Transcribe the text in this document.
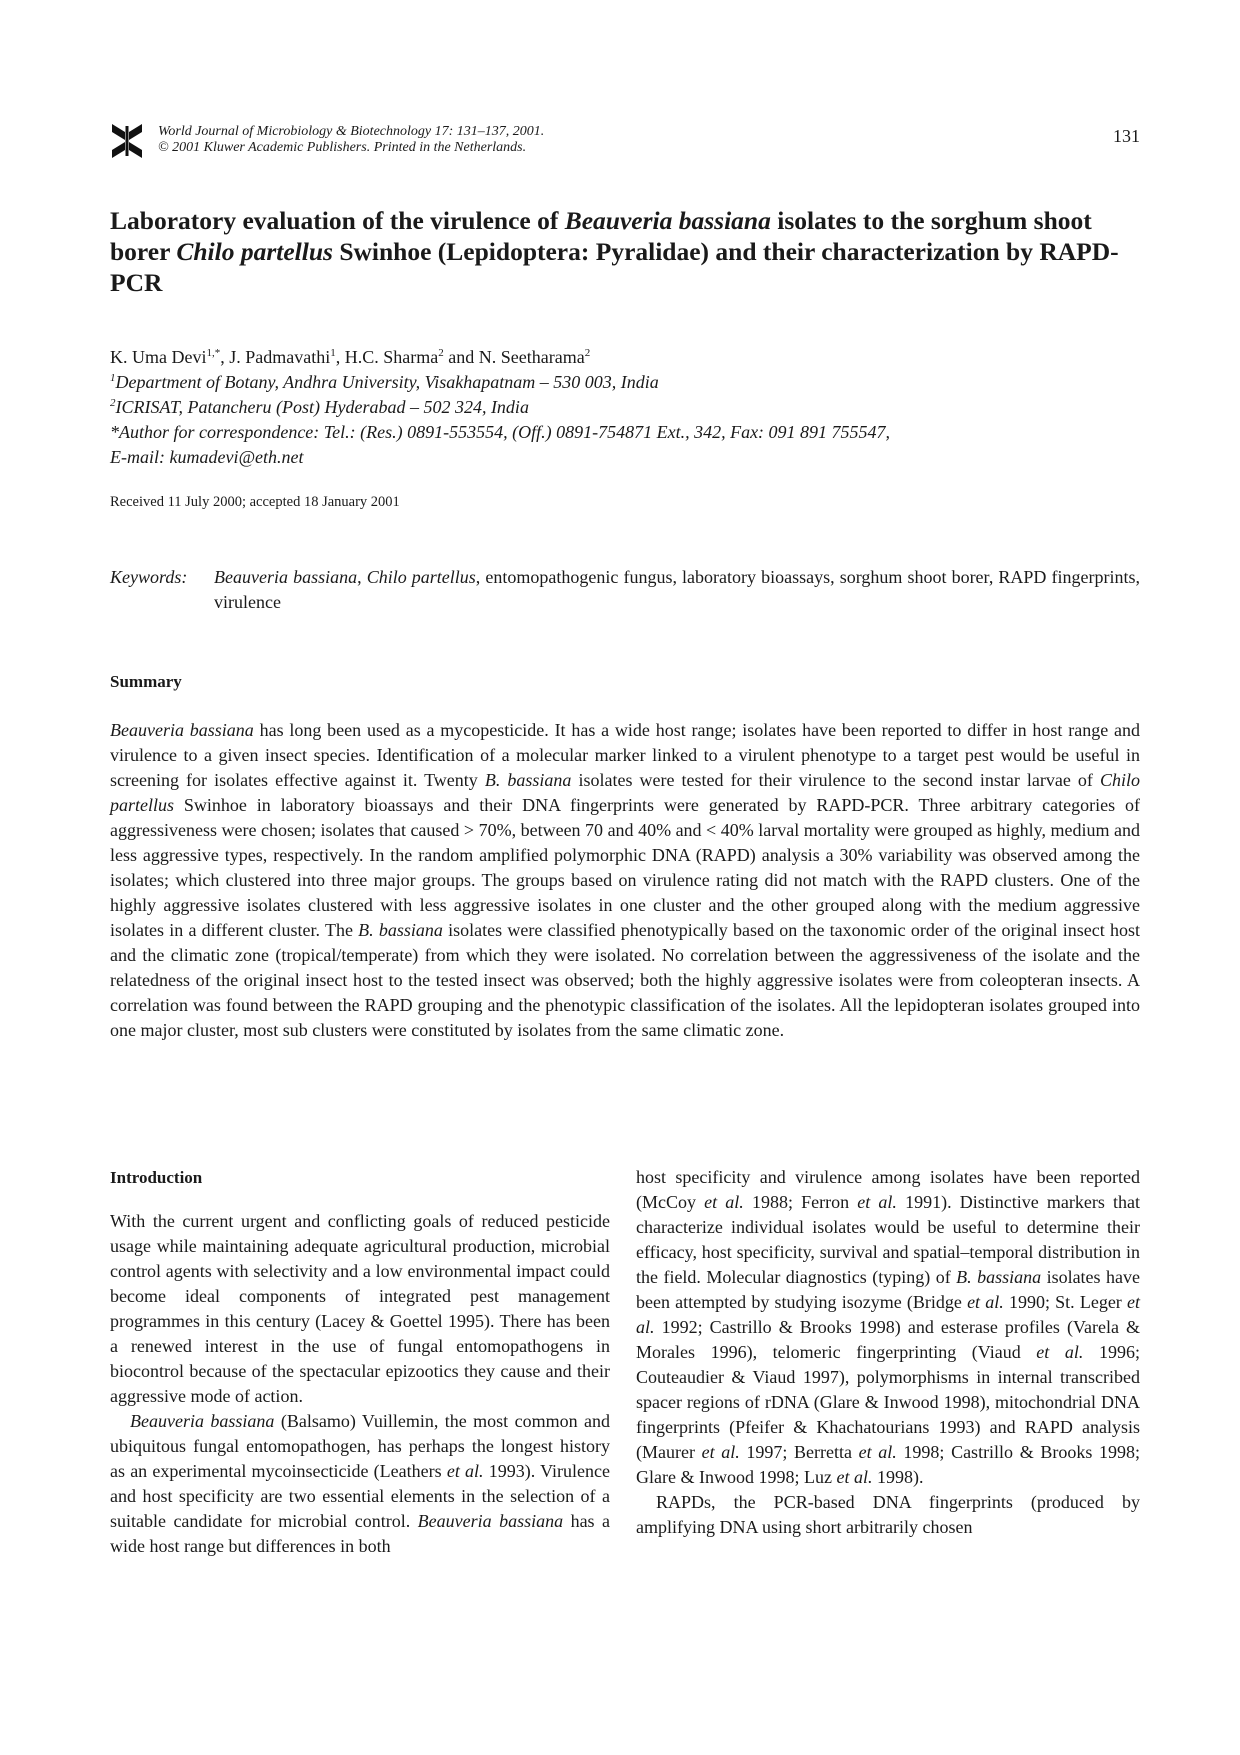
World Journal of Microbiology & Biotechnology 17: 131–137, 2001.
© 2001 Kluwer Academic Publishers. Printed in the Netherlands.
131
Laboratory evaluation of the virulence of Beauveria bassiana isolates to the sorghum shoot borer Chilo partellus Swinhoe (Lepidoptera: Pyralidae) and their characterization by RAPD-PCR
K. Uma Devi$^{1,*}$, J. Padmavathi$^1$, H.C. Sharma$^2$ and N. Seetharama$^2$
$^1$Department of Botany, Andhra University, Visakhapatnam – 530 003, India
$^2$ICRISAT, Patancheru (Post) Hyderabad – 502 324, India
*Author for correspondence: Tel.: (Res.) 0891-553554, (Off.) 0891-754871 Ext., 342, Fax: 091 891 755547,
E-mail: kumadevi@eth.net
Received 11 July 2000; accepted 18 January 2001
Keywords: Beauveria bassiana, Chilo partellus, entomopathogenic fungus, laboratory bioassays, sorghum shoot borer, RAPD fingerprints, virulence
Summary

Beauveria bassiana has long been used as a mycopesticide. It has a wide host range; isolates have been reported to differ in host range and virulence to a given insect species. Identification of a molecular marker linked to a virulent phenotype to a target pest would be useful in screening for isolates effective against it. Twenty B. bassiana isolates were tested for their virulence to the second instar larvae of Chilo partellus Swinhoe in laboratory bioassays and their DNA fingerprints were generated by RAPD-PCR. Three arbitrary categories of aggressiveness were chosen; isolates that caused > 70%, between 70 and 40% and < 40% larval mortality were grouped as highly, medium and less aggressive types, respectively. In the random amplified polymorphic DNA (RAPD) analysis a 30% variability was observed among the isolates; which clustered into three major groups. The groups based on virulence rating did not match with the RAPD clusters. One of the highly aggressive isolates clustered with less aggressive isolates in one cluster and the other grouped along with the medium aggressive isolates in a different cluster. The B. bassiana isolates were classified phenotypically based on the taxonomic order of the original insect host and the climatic zone (tropical/temperate) from which they were isolated. No correlation between the aggressiveness of the isolate and the relatedness of the original insect host to the tested insect was observed; both the highly aggressive isolates were from coleopteran insects. A correlation was found between the RAPD grouping and the phenotypic classification of the isolates. All the lepidopteran isolates grouped into one major cluster, most sub clusters were constituted by isolates from the same climatic zone.

Introduction

With the current urgent and conflicting goals of reduced pesticide usage while maintaining adequate agricultural production, microbial control agents with selectivity and a low environmental impact could become ideal components of integrated pest management programmes in this century (Lacey & Goettel 1995). There has been a renewed interest in the use of fungal entomopathogens in biocontrol because of the spectacular epizootics they cause and their aggressive mode of action.

Beauveria bassiana (Balsamo) Vuillemin, the most common and ubiquitous fungal entomopathogen, has perhaps the longest history as an experimental mycoinsecticide (Leathers et al. 1993). Virulence and host specificity are two essential elements in the selection of a suitable candidate for microbial control. Beauveria bassiana has a wide host range but differences in both

host specificity and virulence among isolates have been reported (McCoy et al. 1988; Ferron et al. 1991). Distinctive markers that characterize individual isolates would be useful to determine their efficacy, host specificity, survival and spatial–temporal distribution in the field. Molecular diagnostics (typing) of B. bassiana isolates have been attempted by studying isozyme (Bridge et al. 1990; St. Leger et al. 1992; Castrillo & Brooks 1998) and esterase profiles (Varela & Morales 1996), telomeric fingerprinting (Viaud et al. 1996; Couteaudier & Viaud 1997), polymorphisms in internal transcribed spacer regions of rDNA (Glare & Inwood 1998), mitochondrial DNA fingerprints (Pfeifer & Khachatourians 1993) and RAPD analysis (Maurer et al. 1997; Berretta et al. 1998; Castrillo & Brooks 1998; Glare & Inwood 1998; Luz et al. 1998).

RAPDs, the PCR-based DNA fingerprints (produced by amplifying DNA using short arbitrarily chosen
